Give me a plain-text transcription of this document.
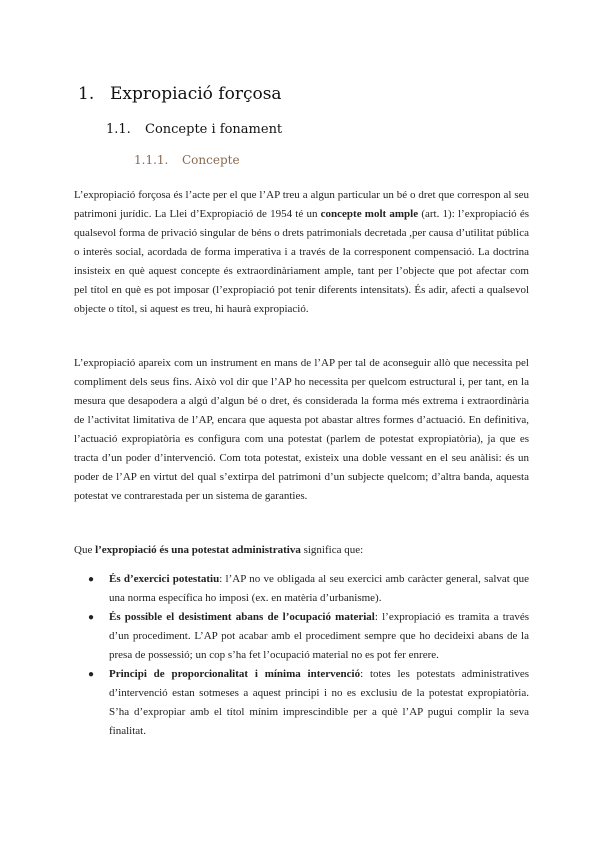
1. Expropiació forçosa
1.1. Concepte i fonament
1.1.1. Concepte

L’expropiació forçosa és l’acte per el que l’AP treu a algun particular un bé o dret que correspon al seu patrimoni jurídic. La Llei d’Expropiació de 1954 té un concepte molt ample (art. 1): l’expropiació és qualsevol forma de privació singular de béns o drets patrimonials decretada ,per causa d’utilitat pública o interès social, acordada de forma imperativa i a través de la corresponent compensació. La doctrina insisteix en què aquest concepte és extraordinàriament ample, tant per l’objecte que pot afectar com pel títol en què es pot imposar (l’expropiació pot tenir diferents intensitats). És adir, afecti a qualsevol objecte o títol, si aquest es treu, hi haurà expropiació.

L’expropiació apareix com un instrument en mans de l’AP per tal de aconseguir allò que necessita pel compliment dels seus fins. Això vol dir que l’AP ho necessita per quelcom estructural i, per tant, en la mesura que desapodera a algú d’algun bé o dret, és considerada la forma més extrema i extraordinària de l’activitat limitativa de l’AP, encara que aquesta pot abastar altres formes d’actuació. En definitiva, l’actuació expropiatòria es configura com una potestat (parlem de potestat expropiatòria), ja que es tracta d’un poder d’intervenció. Com tota potestat, existeix una doble vessant en el seu anàlisi: és un poder de l’AP en virtut del qual s’extirpa del patrimoni d’un subjecte quelcom; d’altra banda, aquesta potestat ve contrarestada per un sistema de garanties.

Que l’expropiació és una potestat administrativa significa que:

● És d’exercici potestatiu: l’AP no ve obligada al seu exercici amb caràcter general, salvat que una norma específica ho imposi (ex. en matèria d’urbanisme).
● És possible el desistiment abans de l’ocupació material: l’expropiació es tramita a través d’un procediment. L’AP pot acabar amb el procediment sempre que ho decideixi abans de la presa de possessió; un cop s’ha fet l’ocupació material no es pot fer enrere.
● Principi de proporcionalitat i mínima intervenció: totes les potestats administratives d’intervenció estan sotmeses a aquest principi i no es exclusiu de la potestat expropiatòria. S’ha d’expropiar amb el títol mínim imprescindible per a què l’AP pugui complir la seva finalitat.
